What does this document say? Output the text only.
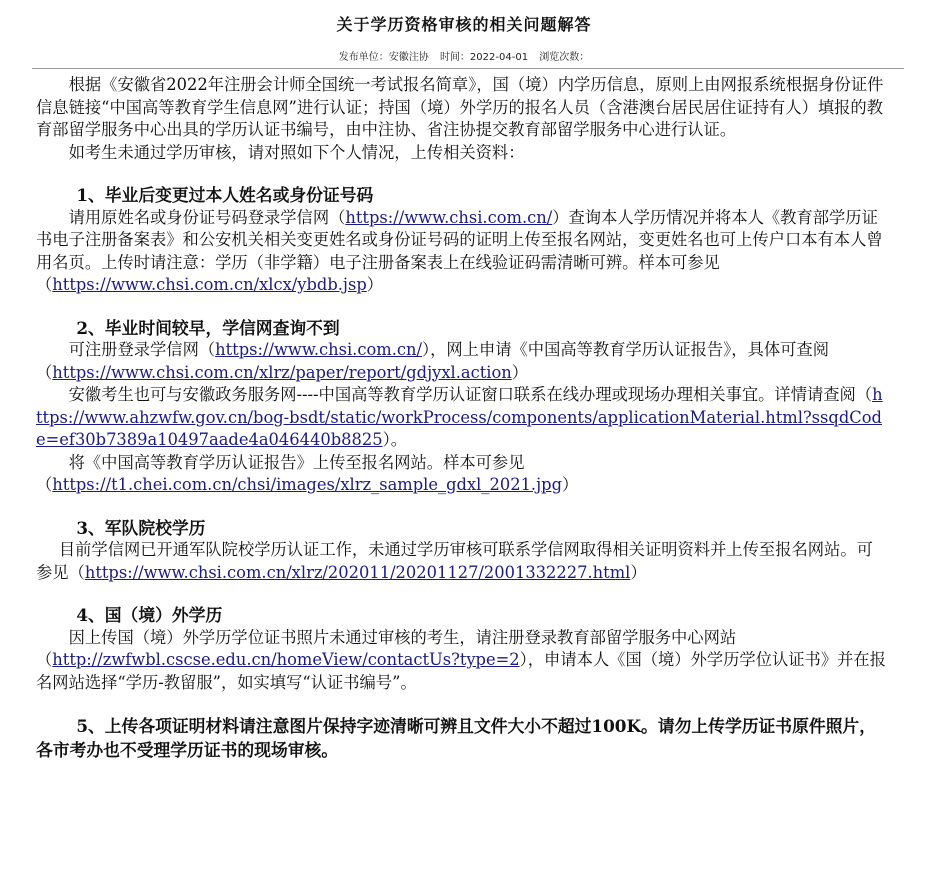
关于学历资格审核的相关问题解答
发布单位：安徽注协 时间：2022-04-01 浏览次数：

根据《安徽省2022年注册会计师全国统一考试报名简章》，国（境）内学历信息，原则上由网报系统根据身份证件信息链接“中国高等教育学生信息网”进行认证；持国（境）外学历的报名人员（含港澳台居民居住证持有人）填报的教育部留学服务中心出具的学历认证书编号，由中注协、省注协提交教育部留学服务中心进行认证。

如考生未通过学历审核，请对照如下个人情况，上传相关资料：

1、毕业后变更过本人姓名或身份证号码

请用原姓名或身份证号码登录学信网（https://www.chsi.com.cn/）查询本人学历情况并将本人《教育部学历证书电子注册备案表》和公安机关相关变更姓名或身份证号码的证明上传至报名网站，变更姓名也可上传户口本有本人曾用名页。上传时请注意：学历（非学籍）电子注册备案表上在线验证码需清晰可辨。样本可参见（https://www.chsi.com.cn/xlcx/ybdb.jsp）

2、毕业时间较早，学信网查询不到

可注册登录学信网（https://www.chsi.com.cn/），网上申请《中国高等教育学历认证报告》，具体可查阅（https://www.chsi.com.cn/xlrz/paper/report/gdjyxl.action）

安徽考生也可与安徽政务服务网----中国高等教育学历认证窗口联系在线办理或现场办理相关事宜。详情请查阅（https://www.ahzwfw.gov.cn/bog-bsdt/static/workProcess/components/applicationMaterial.html?ssqdCode=ef30b7389a10497aade4a046440b8825）。

将《中国高等教育学历认证报告》上传至报名网站。样本可参见（https://t1.chei.com.cn/chsi/images/xlrz_sample_gdxl_2021.jpg）

3、军队院校学历

目前学信网已开通军队院校学历认证工作，未通过学历审核可联系学信网取得相关证明资料并上传至报名网站。可参见（https://www.chsi.com.cn/xlrz/202011/20201127/2001332227.html）

4、国（境）外学历

因上传国（境）外学历学位证书照片未通过审核的考生，请注册登录教育部留学服务中心网站（http://zwfwbl.cscse.edu.cn/homeView/contactUs?type=2），申请本人《国（境）外学历学位认证书》并在报名网站选择“学历-教留服”，如实填写“认证书编号”。

5、上传各项证明材料请注意图片保持字迹清晰可辨且文件大小不超过100K。请勿上传学历证书原件照片，各市考办也不受理学历证书的现场审核。
